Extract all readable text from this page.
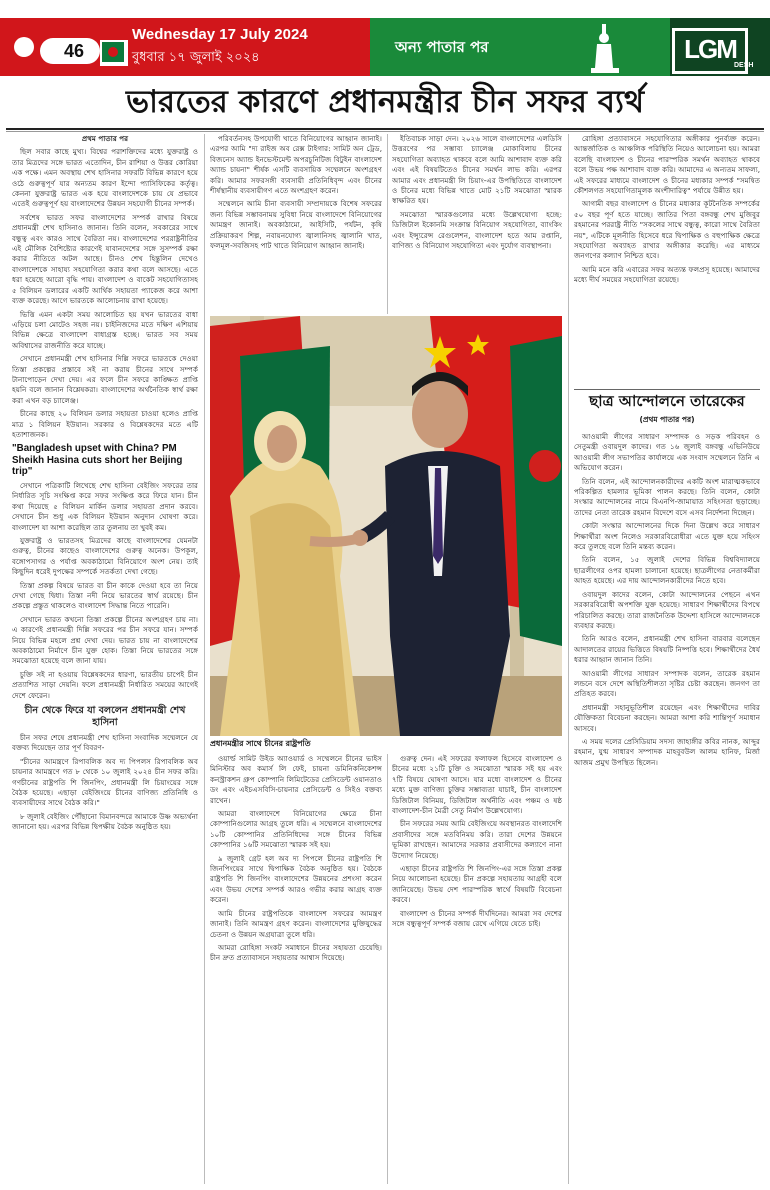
46
Wednesday 17 July 2024
বুধবার ১৭ জুলাই ২০২৪
অন্য পাতার পর	LGM
DESH
ভারতের কারণে প্রধানমন্ত্রীর চীন সফর ব্যর্থ
প্রথম পাতার পর

ছিল সবার কাছে মুখ্য। বিশ্বের পরাশক্তিদের মধ্যে যুক্তরাষ্ট্র ও তার মিত্রদের সঙ্গে ভারত এতোদিন, চীন রাশিয়া ও উত্তর কোরিয়া এক পক্ষে। এমন অবস্থায় শেখ হাসিনার সফরটি বিভিন্ন কারণে হয়ে ওঠে গুরুত্বপূর্ণ যার অন্যতম কারণ ইন্দো প্যাসিফিকের কর্তৃত্ব। কেননা যুক্তরাষ্ট্র ভারত এক হয়ে বাংলাদেশকে চায় যে প্রভাবে এতেই গুরুত্বপূর্ণ হয় বাংলাদেশের উন্নয়ন সহযোগী চীনের সম্পর্ক।

সর্বশেষ ভারত সফর বাংলাদেশের সম্পর্ক রাখার বিষয়ে প্রধানমন্ত্রী শেখ হাসিনাও জানান। তিনি বলেন, সবকারের সাথে বন্ধুত্ব এবং কারও সাথে বৈরিতা নয়। বাংলাদেশের পররাষ্ট্রনীতির এই মৌলিক বৈশিষ্ট্যের কারণেই যাবানদেশের সঙ্গে সুসম্পর্ক রক্ষা করার নীতিতে অটল আছে। চীনও শেখ হিন্তুলিন দেখেও বাংলাদেশকে সাহায্য সহযোগিতা করার কথা বলে আসছে। এতে ধরা হয়েছে আরো বৃদ্ধি পায়। বাংলাদেশ ও বাকেট সহযোগিতাসহ ৫ বিলিয়ন ডলারের একটি আর্থিক সহায়তা প্যাকেজ করে আশা ব্যক্ত করেছে। আগে ভারতকে আলোচনায় রাখা হয়েছে।

ভিত্তি এমন একটা সময় আলোচিত হয় যখন ভারতের বাধা এড়িয়ে চলা মোটেও সহজ নয়। চাইনিজদের মতে দক্ষিণ এশিয়ায় বিভিন্ন ক্ষেত্রে বাংলাদেশ বাধাগ্রস্ত হচ্ছে। ভারত সব সময় অবিশ্বাসের রাজনীতি করে যাচ্ছে।

সেখানে প্রধানমন্ত্রী শেখ হাসিনার দিল্লি সফরে ভারতকে দেওয়া তিস্তা প্রকল্পের প্রস্তাবে সই না করায় চীনের সাথে সম্পর্ক টানাপোড়েন দেখা দেয়। এর ফলে চীন সফরে কাঙ্ক্ষিত প্রাপ্তি হয়নি বলে জানান বিশ্লেষকরা। বাংলাদেশের অর্থনৈতিক স্বার্থ রক্ষা করা এখন বড় চ্যালেঞ্জ।

চীনের কাছে ২০ বিলিয়ন ডলার সহায়তা চাওয়া হলেও প্রাপ্তি মাত্র ১ বিলিয়ন ইউয়ান। সরকার ও বিশ্লেষকদের মতে এটি হতাশাজনক।

"Bangladesh upset with China? PM Sheikh Hasina cuts short her Beijing trip"

সেখানে পত্রিকাটি লিখেছে শেখ হাসিনা বেইজিং সফরের তার নির্ধারিত সূচি সংক্ষিপ্ত করে সফর সংক্ষিপ্ত করে ফিরে যান। চীন কথা দিয়েছে ৫ বিলিয়ন মার্কিন ডলার সহায়তা প্রদান করবে। সেখানে চীন শুধু এক বিলিয়ন ইউয়ান অনুদান ঘোষণা করে। বাংলাদেশ যা আশা করেছিল তার তুলনায় তা খুবই কম।

যুক্তরাষ্ট্র ও ভারতসহ মিত্রদের কাছে বাংলাদেশের যেমনটা গুরুত্ব, চীনের কাছেও বাংলাদেশের গুরুত্ব অনেক। উপকূল, বঙ্গোপসাগর ও পর্যাপ্ত অবকাঠামো বিনিয়োগে অংশ নেয়। তাই কিছুদিন ধরেই দুপক্ষের সম্পর্কে সতর্কতা দেখা গেছে।

তিস্তা প্রকল্প বিষয়ে ভারত বা চীন কাকে দেওয়া হবে তা নিয়ে দেখা গেছে দ্বিধা। তিস্তা নদী নিয়ে ভারতের স্বার্থ রয়েছে। চীন প্রকল্পে প্রস্তুত থাকলেও বাংলাদেশ সিদ্ধান্ত নিতে পারেনি।

সেখানে ভারত কখনো তিস্তা প্রকল্পে চীনের অংশগ্রহণ চায় না। এ কারণেই প্রধানমন্ত্রী দিল্লি সফরের পর চীন সফরে যান। সম্পর্ক নিয়ে বিভিন্ন মহলে প্রশ্ন দেখা দেয়। ভারত চায় না বাংলাদেশের অবকাঠামো নির্মাণে চীন যুক্ত হোক। তিস্তা নিয়ে ভারতের সঙ্গে সমঝোতা হয়েছে বলে জানা যায়।

চুক্তি সই না হওয়ায় বিশ্লেষকদের ধারণা, ভারতীয় চাপেই চীন প্রত্যাশিত সাড়া দেয়নি। ফলে প্রধানমন্ত্রী নির্ধারিত সময়ের আগেই দেশে ফেরেন।

চীন থেকে ফিরে যা বললেন প্রধানমন্ত্রী শেখ হাসিনা

চীন সফর শেষে প্রধানমন্ত্রী শেখ হাসিনা সংবাদিক সম্মেলনে যে বক্তব্য দিয়েছেন তার পূর্ণ বিবরণ-

"চীনের আমন্ত্রণে রিপাবলিক অব দ্য পিপলস রিপাবলিক অব চায়নার আমন্ত্রণে গত ৮ থেকে ১০ জুলাই ২০২৪ চীন সফর করি। গণচীনের রাষ্ট্রপতি শি জিনপিং, প্রধানমন্ত্রী লি চিয়াংয়ের সঙ্গে বৈঠক হয়েছে। এছাড়া বেইজিংয়ে চীনের বাণিজ্য প্রতিনিধি ও ব্যবসায়ীদের সাথে বৈঠক করি।"

৮ জুলাই বেইজিং পৌঁছানো বিমানবন্দরে আমাকে উষ্ণ অভ্যর্থনা জানানো হয়। এরপর বিভিন্ন দ্বিপক্ষীয় বৈঠক অনুষ্ঠিত হয়।

পরিবর্তনসহ উপযোগী খাতে বিনিয়োগের আহ্বান জানাই। এরপর আমি "দ্য রাইজ অব রেক্স টাইগার: সামিট অন ট্রেড, বিজনেস অ্যান্ড ইনভেস্টমেন্ট অপরচুনিটিজ বিটুইন বাংলাদেশ অ্যান্ড চায়না" শীর্ষক এসটি ব্যবসায়িক সম্মেলনে অংশগ্রহণ করি। আমার সফরসঙ্গী ব্যবসায়ী প্রতিনিধিবৃন্দ এবং চীনের শীর্ষস্থানীয় ব্যবসায়ীগণ এতে অংশগ্রহণ করেন।

সম্মেলনে আমি চীনা ব্যবসায়ী সম্প্রদায়কে বিশেষ সফরের জন্য বিভিন্ন সম্ভাবনাময় সুবিধা নিয়ে বাংলাদেশে বিনিয়োগের আমন্ত্রণ জানাই। অবকাঠামো, আইসিটি, পর্যটন, কৃষি প্রক্রিয়াকরণ শিল্প, নবায়নযোগ্য জ্বালানিসহ জ্বালানি খাত, ফলমূল-সবজিসহ পাট খাতে বিনিয়োগ আহ্বান জানাই।

ইতিবাচক সাড়া দেন। ২০২৬ সালে বাংলাদেশের এলডিসি উত্তরণের পর সম্ভাব্য চ্যালেঞ্জ মোকাবিলায় চীনের সহযোগিতা অব্যাহত থাকবে বলে আমি আশাবাদ ব্যক্ত করি এবং এই বিষয়টিতেও চীনের সমর্থন লাভ করি। এরপর আমার এবং প্রধানমন্ত্রী লি চিয়াং-এর উপস্থিতিতে বাংলাদেশ ও চীনের মধ্যে বিভিন্ন খাতে মোট ২১টি সমঝোতা স্মারক স্বাক্ষরিত হয়।

সমঝোতা স্মারকগুলোর মধ্যে উল্লেখযোগ্য হচ্ছে: ডিজিটাল ইকোনমি সংক্রান্ত বিনিয়োগ সহযোগিতা, ব্যাংকিং এবং ইন্স্যুরেন্স রেগুলেশন, বাংলাদেশ হতে আম রপ্তানি, বাণিজ্য ও বিনিয়োগ সহযোগিতা এবং দুর্যোগ ব্যবস্থাপনা।

রোহিঙ্গা প্রত্যাবাসনে সহযোগিতার অঙ্গীকার পুনর্ব্যক্ত করেন। আন্তর্জাতিক ও আঞ্চলিক পরিস্থিতি নিয়েও আলোচনা হয়। আমরা বলেছি বাংলাদেশ ও চীনের পারস্পরিক সমর্থন অব্যাহত থাকবে বলে উভয় পক্ষ আশাবাদ ব্যক্ত করি। আমাদের এ অন্যতম সাফল্য, এই সফরের মাধ্যমে বাংলাদেশ ও চীনের মধ্যকার সম্পর্ক "সমন্বিত কৌশলগত সহযোগিতামূলক অংশীদারিত্ব" পর্যায়ে উন্নীত হয়।

আগামী বছর বাংলাদেশ ও চীনের মধ্যকার কূটনৈতিক সম্পর্কের ৫০ বছর পূর্ণ হতে যাচ্ছে। জাতির পিতা বঙ্গবন্ধু শেখ মুজিবুর রহমানের পররাষ্ট্র নীতি "সকলের সাথে বন্ধুত্ব, কারো সাথে বৈরিতা নয়", এটিকে মূলনীতি হিসেবে ধরে দ্বিপাক্ষিক ও বহুপাক্ষিক ক্ষেত্রে সহযোগিতা অব্যাহত রাখার অঙ্গীকার করেছি। এর মাধ্যমে জনগণের কল্যাণ নিশ্চিত হবে।

আমি মনে করি এবারের সফর অত্যন্ত ফলপ্রসূ হয়েছে। আমাদের মধ্যে দীর্ঘ সময়ের সহযোগিতা রয়েছে।

ছাত্র আন্দোলনে তারেকের
(প্রথম পাতার পর)

আওয়ামী লীগের সাধারণ সম্পাদক ও সড়ক পরিবহন ও সেতুমন্ত্রী ওবায়দুল কাদের। গত ১৬ জুলাই বঙ্গবন্ধু এভিনিউয়ে আওয়ামী লীগ সভাপতির কার্যালয়ে এক সংবাদ সম্মেলনে তিনি এ অভিযোগ করেন।

তিনি বলেন, এই আন্দোলনকারীদের একটি অংশ মারাত্মকভাবে পরিকল্পিত হামলার ভূমিকা পালন করছে। তিনি বলেন, কোটা সংস্কার আন্দোলনের নামে বিএনপি-জামায়াত সহিংসতা ছড়াচ্ছে। তাদের নেতা তারেক রহমান বিদেশে বসে এসব নির্দেশনা দিচ্ছেন।

কোটা সংস্কার আন্দোলনের দিকে দিনা উল্লেখ করে সাধারণ শিক্ষার্থীরা অংশ নিলেও সরকারবিরোধীরা এতে যুক্ত হয়ে সহিংস করে তুলছে বলে তিনি মন্তব্য করেন।

তিনি বলেন, ১৫ জুলাই দেশের বিভিন্ন বিশ্ববিদ্যালয়ে ছাত্রলীগের ওপর হামলা চালানো হয়েছে। ছাত্রলীগের নেতাকর্মীরা আহত হয়েছে। এর দায় আন্দোলনকারীদের নিতে হবে।

ওবায়দুল কাদের বলেন, কোটা আন্দোলনের পেছনে এখন সরকারবিরোধী অপশক্তি যুক্ত হয়েছে। সাধারণ শিক্ষার্থীদের বিপথে পরিচালিত করছে। তারা রাজনৈতিক উদ্দেশ্য হাসিলে আন্দোলনকে ব্যবহার করছে।

তিনি আরও বলেন, প্রধানমন্ত্রী শেখ হাসিনা বারবার বলেছেন আদালতের রায়ের ভিত্তিতে বিষয়টি নিষ্পত্তি হবে। শিক্ষার্থীদের ধৈর্য ধরার আহ্বান জানান তিনি।

আওয়ামী লীগের সাধারণ সম্পাদক বলেন, তারেক রহমান লন্ডনে বসে দেশে অস্থিতিশীলতা সৃষ্টির চেষ্টা করছেন। জনগণ তা প্রতিহত করবে।

প্রধানমন্ত্রী সহানুভূতিশীল রয়েছেন এবং শিক্ষার্থীদের দাবির যৌক্তিকতা বিবেচনা করছেন। আমরা আশা করি শান্তিপূর্ণ সমাধান আসবে।

এ সময় দলের প্রেসিডিয়াম সদস্য জাহাঙ্গীর কবির নানক, আব্দুর রহমান, যুগ্ম সাধারণ সম্পাদক মাহবুবউল আলম হানিফ, মির্জা আজম প্রমুখ উপস্থিত ছিলেন।

প্রধানমন্ত্রীর সাথে চীনের রাষ্ট্রপতি

ওয়ার্ল্ড সামিট উইড অ্যাওয়ার্ড ও সম্মেলনে চীনের ভাইস মিনিস্টার অব কমার্স লি ফেই, চায়না ডমিনিকনিকেশন্স কনস্ট্রাকশন গ্রুপ কোম্পানি লিমিটেডের প্রেসিডেন্ট ওয়ানতাও ডং এবং এইচএসবিসি-চায়নার প্রেসিডেন্ট ও সিইও বক্তব্য রাখেন।

আমরা বাংলাদেশে বিনিয়োগের ক্ষেত্রে চীনা কোম্পানিগুলোর আগ্রহ তুলে ধরি। এ সম্মেলনে বাংলাদেশের ১০টি কোম্পানির প্রতিনিধিদের সঙ্গে চীনের বিভিন্ন কোম্পানির ১৬টি সমঝোতা স্মারক সই হয়।

৯ জুলাই গ্রেট হল অব দ্য পিপলে চীনের রাষ্ট্রপতি শি জিনপিংয়ের সাথে দ্বিপাক্ষিক বৈঠক অনুষ্ঠিত হয়। বৈঠকে রাষ্ট্রপতি শি জিনপিং বাংলাদেশের উন্নয়নের প্রশংসা করেন এবং উভয় দেশের সম্পর্ক আরও গভীর করার আগ্রহ ব্যক্ত করেন।

আমি চীনের রাষ্ট্রপতিকে বাংলাদেশ সফরের আমন্ত্রণ জানাই। তিনি আমন্ত্রণ গ্রহণ করেন। বাংলাদেশের মুক্তিযুদ্ধের চেতনা ও উন্নয়ন অগ্রযাত্রা তুলে ধরি।

আমরা রোহিঙ্গা সংকট সমাধানে চীনের সহায়তা চেয়েছি। চীন দ্রুত প্রত্যাবাসনে সহায়তার আশ্বাস দিয়েছে।

গুরুত্ব দেন। এই সফরের ফলাফল হিসেবে বাংলাদেশ ও চীনের মধ্যে ২১টি চুক্তি ও সমঝোতা স্মারক সই হয় এবং ৭টি বিষয়ে ঘোষণা আসে। যার মধ্যে বাংলাদেশ ও চীনের মধ্যে মুক্ত বাণিজ্য চুক্তির সম্ভাব্যতা যাচাই, চীন বাংলাদেশ ডিজিটাল বিনিময়, ডিজিটাল অর্থনীতি এবং পঞ্চম ও ষষ্ঠ বাংলাদেশ-চীন মৈত্রী সেতু নির্মাণ উল্লেখযোগ্য।

চীন সফরের সময় আমি বেইজিংয়ে অবস্থানরত বাংলাদেশি প্রবাসীদের সঙ্গে মতবিনিময় করি। তারা দেশের উন্নয়নে ভূমিকা রাখছেন। আমাদের সরকার প্রবাসীদের কল্যাণে নানা উদ্যোগ নিয়েছে।

এছাড়া চীনের রাষ্ট্রপতি শি জিনপিং-এর সঙ্গে তিস্তা প্রকল্প নিয়ে আলোচনা হয়েছে। চীন প্রকল্পে সহায়তায় আগ্রহী বলে জানিয়েছে। উভয় দেশ পারস্পরিক স্বার্থে বিষয়টি বিবেচনা করবে।

বাংলাদেশ ও চীনের সম্পর্ক দীর্ঘদিনের। আমরা সব দেশের সঙ্গে বন্ধুত্বপূর্ণ সম্পর্ক বজায় রেখে এগিয়ে যেতে চাই।
